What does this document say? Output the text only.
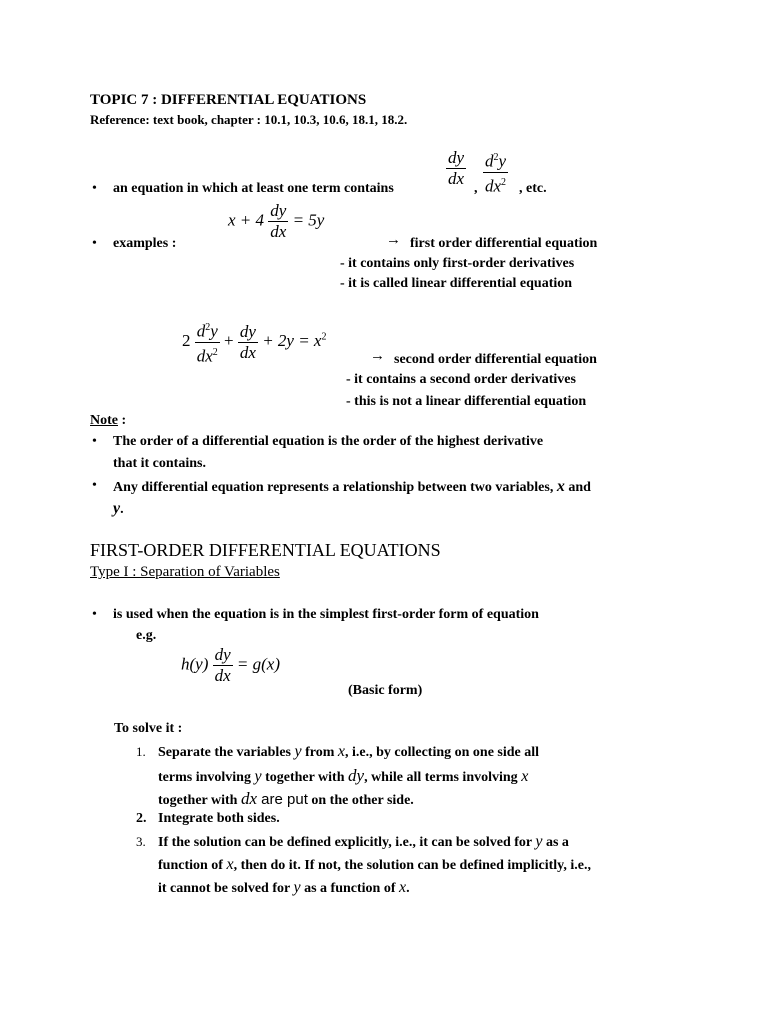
TOPIC 7 : DIFFERENTIAL EQUATIONS
Reference: text book, chapter : 10.1, 10.3, 10.6, 18.1, 18.2.
• an equation in which at least one term contains	$\frac{dy}{dx}$ , $\frac{d^2y}{dx^2}$ , etc.
$x + 4 \frac{dy}{dx} = 5y$
• examples :	→ first order differential equation
- it contains only first-order derivatives
- it is called linear differential equation
$2 \frac{d^2y}{dx^2} + \frac{dy}{dx} + 2y = x^2$
→ second order differential equation
- it contains a second order derivatives
- this is not a linear differential equation
Note :
• The order of a differential equation is the order of the highest derivative
that it contains.
• Any differential equation represents a relationship between two variables, x and
y.
FIRST-ORDER DIFFERENTIAL EQUATIONS
Type I : Separation of Variables
• is used when the equation is in the simplest first-order form of equation
e.g.
$h(y) \frac{dy}{dx} = g(x)$
(Basic form)
To solve it :
1. Separate the variables y from x, i.e., by collecting on one side all
terms involving y together with dy, while all terms involving x
together with dx are put on the other side.
2. Integrate both sides.
3. If the solution can be defined explicitly, i.e., it can be solved for y as a
function of x, then do it. If not, the solution can be defined implicitly, i.e.,
it cannot be solved for y as a function of x.
